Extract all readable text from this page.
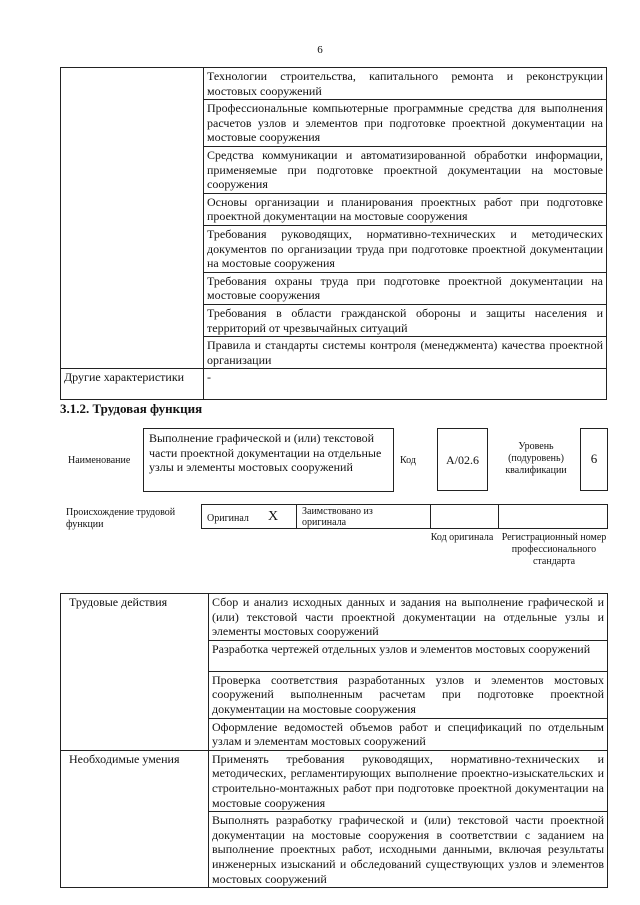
6
	Технологии строительства, капитального ремонта и реконструкции мостовых сооружений
	Профессиональные компьютерные программные средства для выполнения расчетов узлов и элементов при подготовке проектной документации на мостовые сооружения
	Средства коммуникации и автоматизированной обработки информации, применяемые при подготовке проектной документации на мостовые сооружения
	Основы организации и планирования проектных работ при подготовке проектной документации на мостовые сооружения
	Требования руководящих, нормативно-технических и методических документов по организации труда при подготовке проектной документации на мостовые сооружения
	Требования охраны труда при подготовке проектной документации на мостовые сооружения
	Требования в области гражданской обороны и защиты населения и территорий от чрезвычайных ситуаций
	Правила и стандарты системы контроля (менеджмента) качества проектной организации
Другие характеристики	-
3.1.2. Трудовая функция
Наименование
Выполнение графической и (или) текстовой части проектной документации на отдельные узлы и элементы мостовых сооружений	Код	А/02.6
Уровень (подуровень) квалификации
6
Происхождение трудовой функции
Оригинал X Заимствовано из оригинала
Код оригинала Регистрационный номер профессионального стандарта
Трудовые действия	Сбор и анализ исходных данных и задания на выполнение графической и (или) текстовой части проектной документации на отдельные узлы и элементы мостовых сооружений
	Разработка чертежей отдельных узлов и элементов мостовых сооружений
	Проверка соответствия разработанных узлов и элементов мостовых сооружений выполненным расчетам при подготовке проектной документации на мостовые сооружения
	Оформление ведомостей объемов работ и спецификаций по отдельным узлам и элементам мостовых сооружений
Необходимые умения	Применять требования руководящих, нормативно-технических и методических, регламентирующих выполнение проектно-изыскательских и строительно-монтажных работ при подготовке проектной документации на мостовые сооружения
	Выполнять разработку графической и (или) текстовой части проектной документации на мостовые сооружения в соответствии с заданием на выполнение проектных работ, исходными данными, включая результаты инженерных изысканий и обследований существующих узлов и элементов мостовых сооружений
